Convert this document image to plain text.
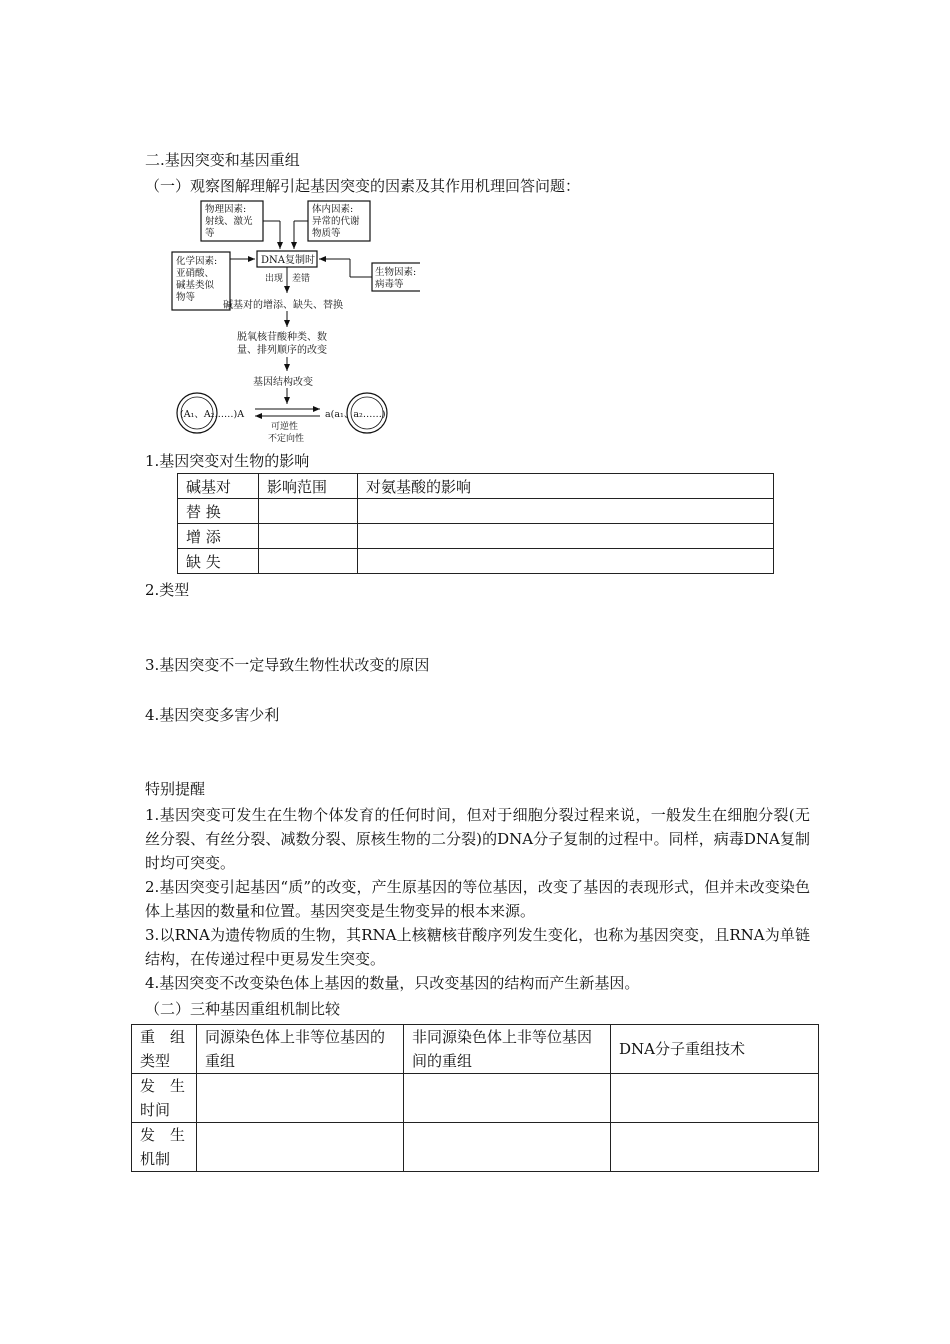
二.基因突变和基因重组
（一）观察图解理解引起基因突变的因素及其作用机理回答问题：
物理因素:
射线、激光
等
体内因素:
异常的代谢
物质等
化学因素:
亚硝酸、
碱基类似
物等
生物因素:
病毒等
DNA复制时
出现 差错
碱基对的增添、缺失、替换
脱氧核苷酸种类、数
量、排列顺序的改变
基因结构改变
(A₁、A₂……)A	a(a₁、a₂……)
可逆性
不定向性
1.基因突变对生物的影响
碱基对	影响范围	对氨基酸的影响
替 换		
增 添		
缺 失		
2.类型
3.基因突变不一定导致生物性状改变的原因
4.基因突变多害少利
特别提醒
1.基因突变可发生在生物个体发育的任何时间，但对于细胞分裂过程来说，一般发生在细胞分裂(无丝分裂、有丝分裂、减数分裂、原核生物的二分裂)的DNA分子复制的过程中。同样，病毒DNA复制时均可突变。
2.基因突变引起基因“质”的改变，产生原基因的等位基因，改变了基因的表现形式，但并未改变染色体上基因的数量和位置。基因突变是生物变异的根本来源。
3.以RNA为遗传物质的生物，其RNA上核糖核苷酸序列发生变化，也称为基因突变，且RNA为单链结构，在传递过程中更易发生突变。
4.基因突变不改变染色体上基因的数量，只改变基因的结构而产生新基因。
（二）三种基因重组机制比较
重　组类型	同源染色体上非等位基因的重组	非同源染色体上非等位基因间的重组	DNA分子重组技术
发　生时间			
发　生机制			
